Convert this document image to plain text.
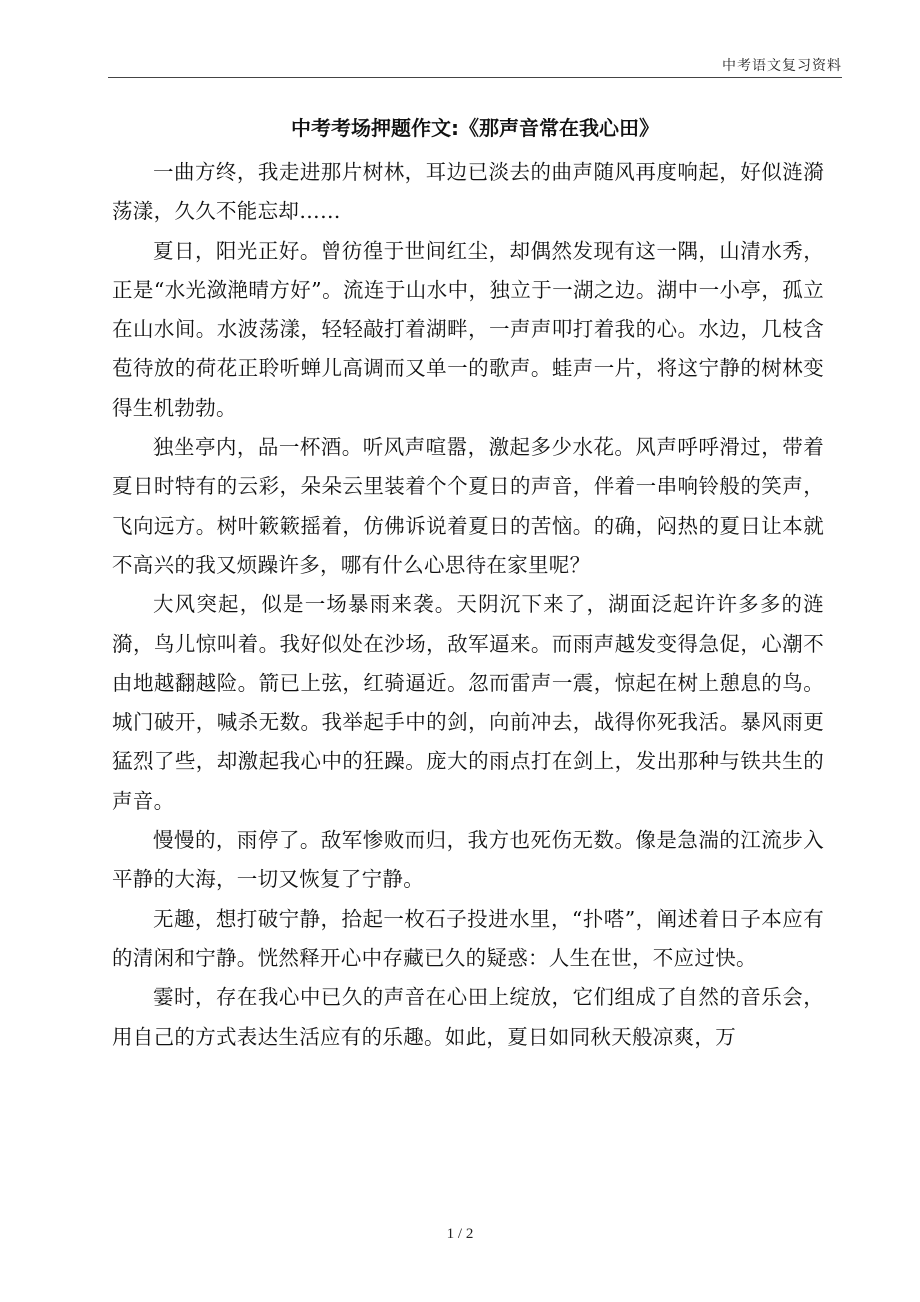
中考语文复习资料
中考考场押题作文:《那声音常在我心田》

一曲方终，我走进那片树林，耳边已淡去的曲声随风再度响起，好似涟漪荡漾，久久不能忘却……

夏日，阳光正好。曾彷徨于世间红尘，却偶然发现有这一隅，山清水秀，正是“水光潋滟晴方好”。流连于山水中，独立于一湖之边。湖中一小亭，孤立在山水间。水波荡漾，轻轻敲打着湖畔，一声声叩打着我的心。水边，几枝含苞待放的荷花正聆听蝉儿高调而又单一的歌声。蛙声一片，将这宁静的树林变得生机勃勃。

独坐亭内，品一杯酒。听风声喧嚣，激起多少水花。风声呼呼滑过，带着夏日时特有的云彩，朵朵云里装着个个夏日的声音，伴着一串响铃般的笑声，飞向远方。树叶簌簌摇着，仿佛诉说着夏日的苦恼。的确，闷热的夏日让本就不高兴的我又烦躁许多，哪有什么心思待在家里呢？

大风突起，似是一场暴雨来袭。天阴沉下来了，湖面泛起许许多多的涟漪，鸟儿惊叫着。我好似处在沙场，敌军逼来。而雨声越发变得急促，心潮不由地越翻越险。箭已上弦，红骑逼近。忽而雷声一震，惊起在树上憩息的鸟。城门破开，喊杀无数。我举起手中的剑，向前冲去，战得你死我活。暴风雨更猛烈了些，却激起我心中的狂躁。庞大的雨点打在剑上，发出那种与铁共生的声音。

慢慢的，雨停了。敌军惨败而归，我方也死伤无数。像是急湍的江流步入平静的大海，一切又恢复了宁静。

无趣，想打破宁静，拾起一枚石子投进水里，“扑嗒”，阐述着日子本应有的清闲和宁静。恍然释开心中存藏已久的疑惑：人生在世，不应过快。

霎时，存在我心中已久的声音在心田上绽放，它们组成了自然的音乐会，用自己的方式表达生活应有的乐趣。如此，夏日如同秋天般凉爽，万

1 / 2
